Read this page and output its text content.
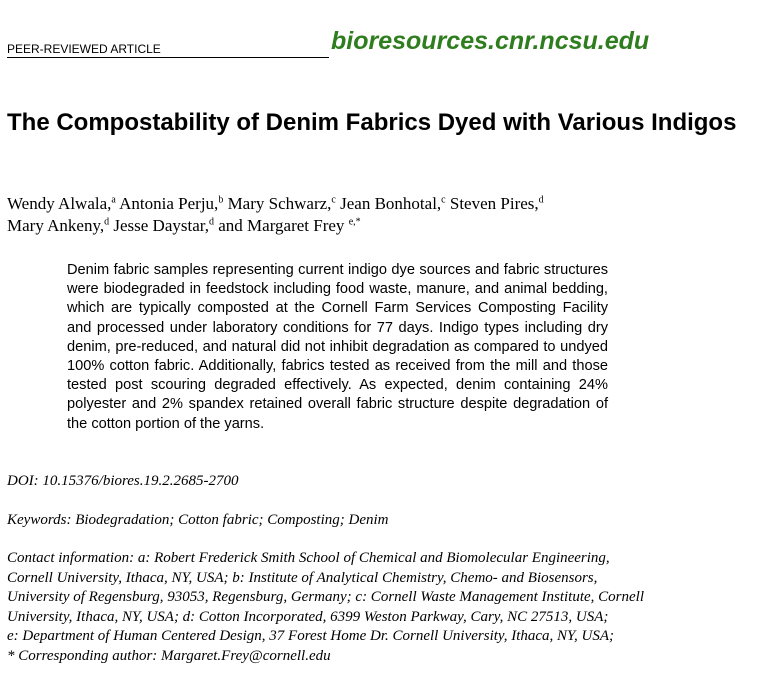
PEER-REVIEWED ARTICLE	bioresources.cnr.ncsu.edu
The Compostability of Denim Fabrics Dyed with Various Indigos
Wendy Alwala,$^a$ Antonia Perju,$^b$ Mary Schwarz,$^c$ Jean Bonhotal,$^c$ Steven Pires,$^d$
Mary Ankeny,$^d$ Jesse Daystar,$^d$ and Margaret Frey $^{e,*}$

Denim fabric samples representing current indigo dye sources and fabric structures were biodegraded in feedstock including food waste, manure, and animal bedding, which are typically composted at the Cornell Farm Services Composting Facility and processed under laboratory conditions for 77 days. Indigo types including dry denim, pre-reduced, and natural did not inhibit degradation as compared to undyed 100% cotton fabric. Additionally, fabrics tested as received from the mill and those tested post scouring degraded effectively. As expected, denim containing 24% polyester and 2% spandex retained overall fabric structure despite degradation of the cotton portion of the yarns.

DOI: 10.15376/biores.19.2.2685-2700
Keywords: Biodegradation; Cotton fabric; Composting; Denim
Contact information: a: Robert Frederick Smith School of Chemical and Biomolecular Engineering,
Cornell University, Ithaca, NY, USA; b: Institute of Analytical Chemistry, Chemo- and Biosensors,
University of Regensburg, 93053, Regensburg, Germany; c: Cornell Waste Management Institute, Cornell
University, Ithaca, NY, USA; d: Cotton Incorporated, 6399 Weston Parkway, Cary, NC 27513, USA;
e: Department of Human Centered Design, 37 Forest Home Dr. Cornell University, Ithaca, NY, USA;
* Corresponding author: Margaret.Frey@cornell.edu
